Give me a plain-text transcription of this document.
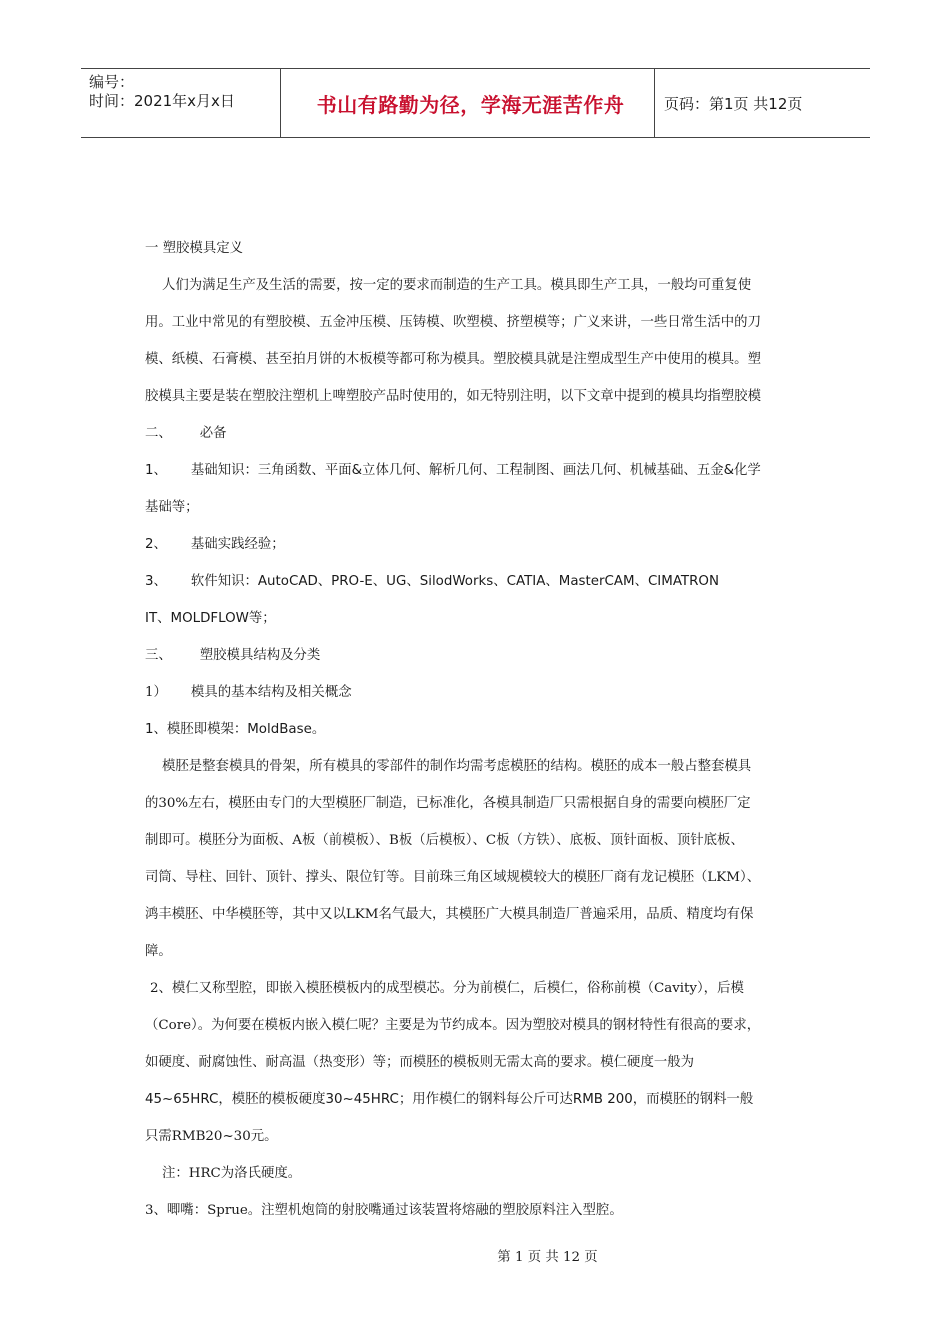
编号：
时间：2021年x月x日	书山有路勤为径，学海无涯苦作舟	页码：第1页 共12页
一 塑胶模具定义
人们为满足生产及生活的需要，按一定的要求而制造的生产工具。模具即生产工具，一般均可重复使
用。工业中常见的有塑胶模、五金冲压模、压铸模、吹塑模、挤塑模等；广义来讲，一些日常生活中的刀
模、纸模、石膏模、甚至拍月饼的木板模等都可称为模具。塑胶模具就是注塑成型生产中使用的模具。塑
胶模具主要是装在塑胶注塑机上啤塑胶产品时使用的，如无特别注明，以下文章中提到的模具均指塑胶模
二、 必备
1、 基础知识：三角函数、平面&立体几何、解析几何、工程制图、画法几何、机械基础、五金&化学
基础等；
2、 基础实践经验；
3、 软件知识：AutoCAD、PRO-E、UG、SilodWorks、CATIA、MasterCAM、CIMATRON
IT、MOLDFLOW等；
三、 塑胶模具结构及分类
1） 模具的基本结构及相关概念
1、模胚即模架：MoldBase。
模胚是整套模具的骨架，所有模具的零部件的制作均需考虑模胚的结构。模胚的成本一般占整套模具
的30%左右，模胚由专门的大型模胚厂制造，已标准化，各模具制造厂只需根据自身的需要向模胚厂定
制即可。模胚分为面板、A板（前模板）、B板（后模板）、C板（方铁）、底板、顶针面板、顶针底板、
司筒、导柱、回针、顶针、撑头、限位钉等。目前珠三角区域规模较大的模胚厂商有龙记模胚（LKM）、
鸿丰模胚、中华模胚等，其中又以LKM名气最大，其模胚广大模具制造厂普遍采用，品质、精度均有保
障。
2、模仁又称型腔，即嵌入模胚模板内的成型模芯。分为前模仁，后模仁，俗称前模（Cavity），后模
（Core）。为何要在模板内嵌入模仁呢？主要是为节约成本。因为塑胶对模具的钢材特性有很高的要求，
如硬度、耐腐蚀性、耐高温（热变形）等；而模胚的模板则无需太高的要求。模仁硬度一般为
45~65HRC，模胚的模板硬度30~45HRC；用作模仁的钢料每公斤可达RMB 200，而模胚的钢料一般
只需RMB20~30元。
注：HRC为洛氏硬度。
3、唧嘴：Sprue。注塑机炮筒的射胶嘴通过该装置将熔融的塑胶原料注入型腔。
第 1 页 共 12 页
